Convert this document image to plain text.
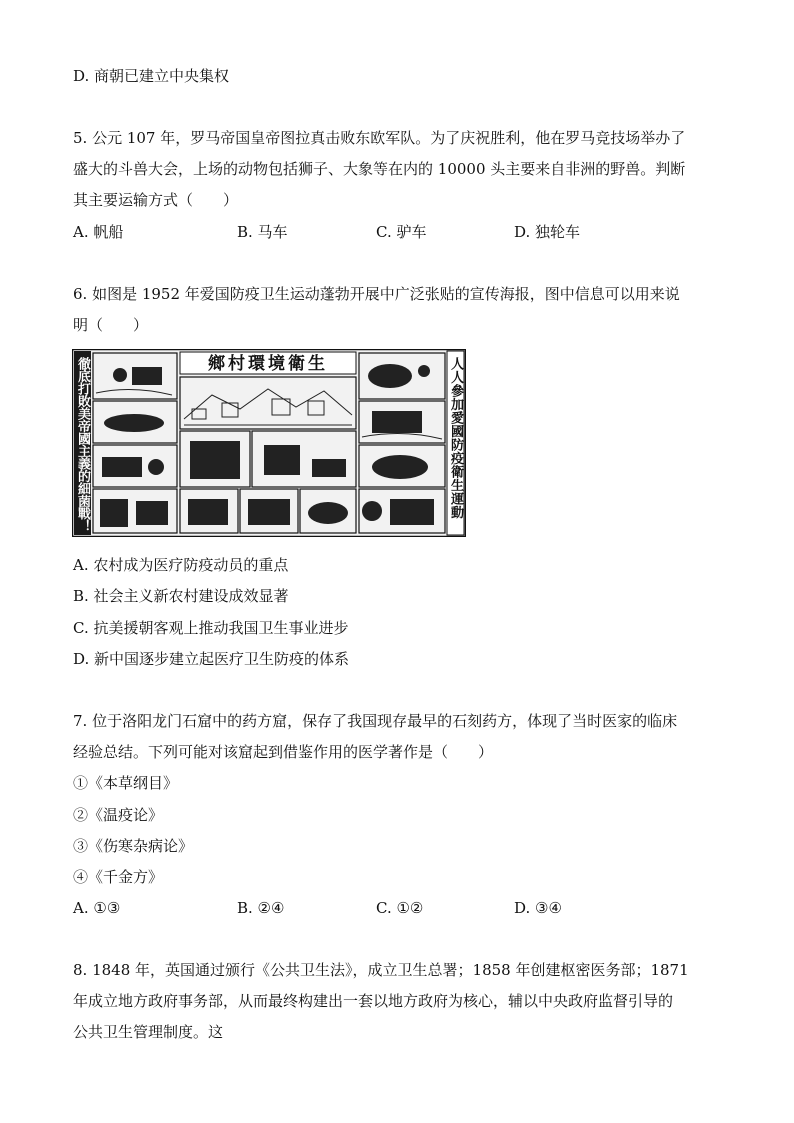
D. 商朝已建立中央集权
5. 公元 107 年，罗马帝国皇帝图拉真击败东欧军队。为了庆祝胜利，他在罗马竞技场举办了
盛大的斗兽大会，上场的动物包括狮子、大象等在内的 10000 头主要来自非洲的野兽。判断
其主要运输方式（　　）
A. 帆船	B. 马车	C. 驴车	D. 独轮车
6. 如图是 1952 年爱国防疫卫生运动蓬勃开展中广泛张贴的宣传海报，图中信息可以用来说
明（　　）
徹底打敗美帝國主義的細菌戰！	人人參加愛國防疫衛生運動
鄉村環境衛生
A. 农村成为医疗防疫动员的重点
B. 社会主义新农村建设成效显著
C. 抗美援朝客观上推动我国卫生事业进步
D. 新中国逐步建立起医疗卫生防疫的体系
7. 位于洛阳龙门石窟中的药方窟，保存了我国现存最早的石刻药方，体现了当时医家的临床
经验总结。下列可能对该窟起到借鉴作用的医学著作是（　　）
①《本草纲目》
②《温疫论》
③《伤寒杂病论》
④《千金方》
A. ①③	B. ②④	C. ①②	D. ③④
8. 1848 年，英国通过颁行《公共卫生法》，成立卫生总署；1858 年创建枢密医务部；1871
年成立地方政府事务部，从而最终构建出一套以地方政府为核心，辅以中央政府监督引导的
公共卫生管理制度。这
